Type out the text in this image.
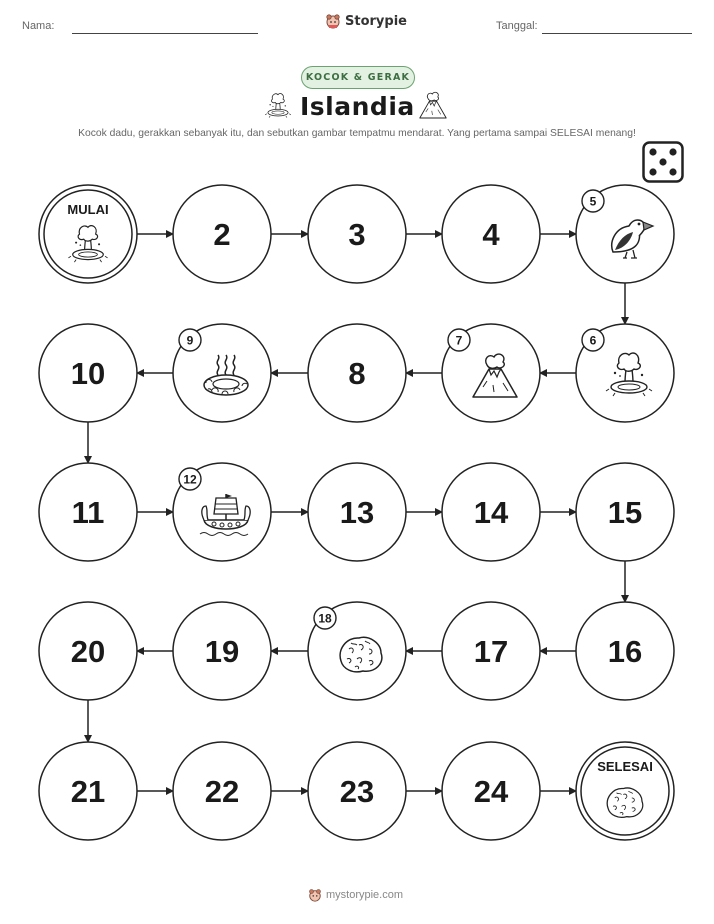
Nama:	Storypie	Tanggal:
KOCOK & GERAK
Islandia
Kocok dadu, gerakkan sebanyak itu, dan sebutkan gambar tempatmu mendarat. Yang pertama sampai SELESAI menang!
MULAI
2	3	4
5
6
7
8
9
10
11
12
13	14	15
16
17
18
19
20
21	22	23	24
SELESAI
mystorypie.com
